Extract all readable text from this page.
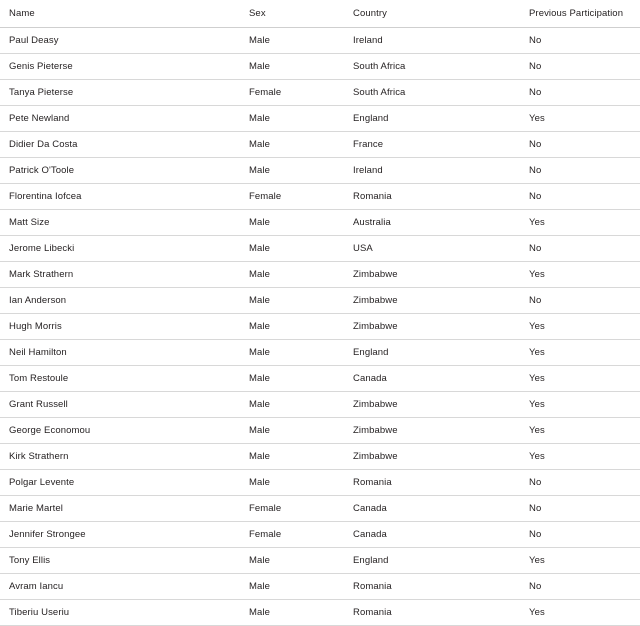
Name	Sex	Country	Previous Participation

Paul Deasy	Male	Ireland	No

Genis Pieterse	Male	South Africa	No

Tanya Pieterse	Female	South Africa	No

Pete Newland	Male	England	Yes

Didier Da Costa	Male	France	No

Patrick O'Toole	Male	Ireland	No

Florentina Iofcea	Female	Romania	No

Matt Size	Male	Australia	Yes

Jerome Libecki	Male	USA	No

Mark Strathern	Male	Zimbabwe	Yes

Ian Anderson	Male	Zimbabwe	No

Hugh Morris	Male	Zimbabwe	Yes

Neil Hamilton	Male	England	Yes

Tom Restoule	Male	Canada	Yes

Grant Russell	Male	Zimbabwe	Yes

George Economou	Male	Zimbabwe	Yes

Kirk Strathern	Male	Zimbabwe	Yes

Polgar Levente	Male	Romania	No

Marie Martel	Female	Canada	No

Jennifer Strongee	Female	Canada	No

Tony Ellis	Male	England	Yes

Avram Iancu	Male	Romania	No

Tiberiu Useriu	Male	Romania	Yes
